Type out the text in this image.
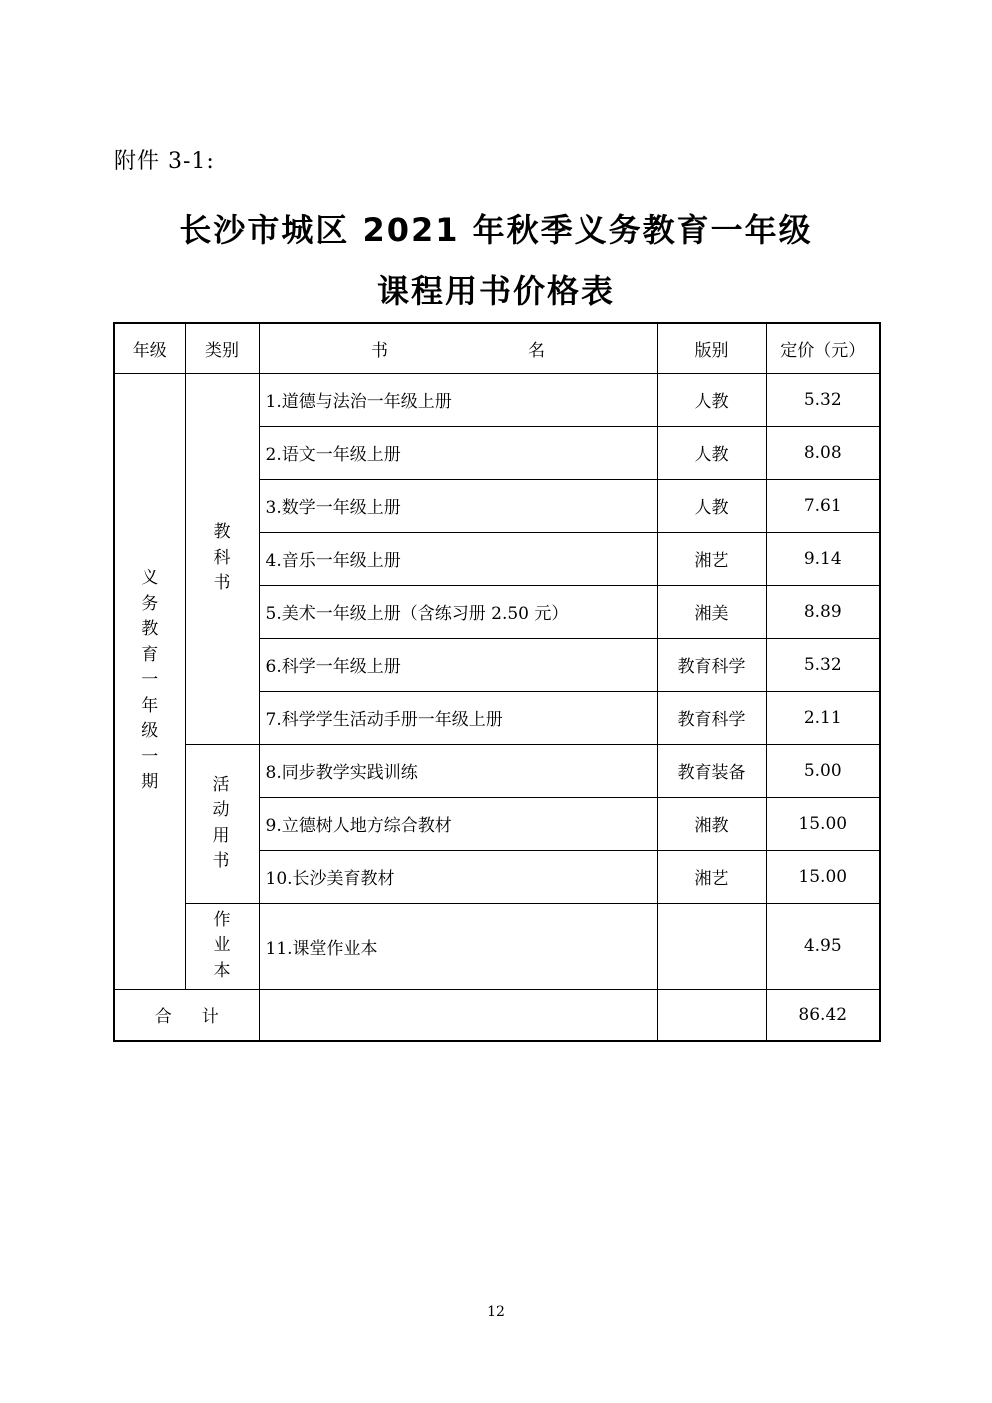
附件 3-1:
长沙市城区 2021 年秋季义务教育一年级
课程用书价格表
年级	类别	书 名	版别	定价（元）
义务教育一年级一期	教科书	1.道德与法治一年级上册	人教	5.32
		2.语文一年级上册	人教	8.08
		3.数学一年级上册	人教	7.61
		4.音乐一年级上册	湘艺	9.14
		5.美术一年级上册（含练习册 2.50 元）	湘美	8.89
		6.科学一年级上册	教育科学	5.32
		7.科学学生活动手册一年级上册	教育科学	2.11
	活动用书	8.同步教学实践训练	教育装备	5.00
		9.立德树人地方综合教材	湘教	15.00
		10.长沙美育教材	湘艺	15.00
	作业本	11.课堂作业本		4.95
合 计				86.42
12
